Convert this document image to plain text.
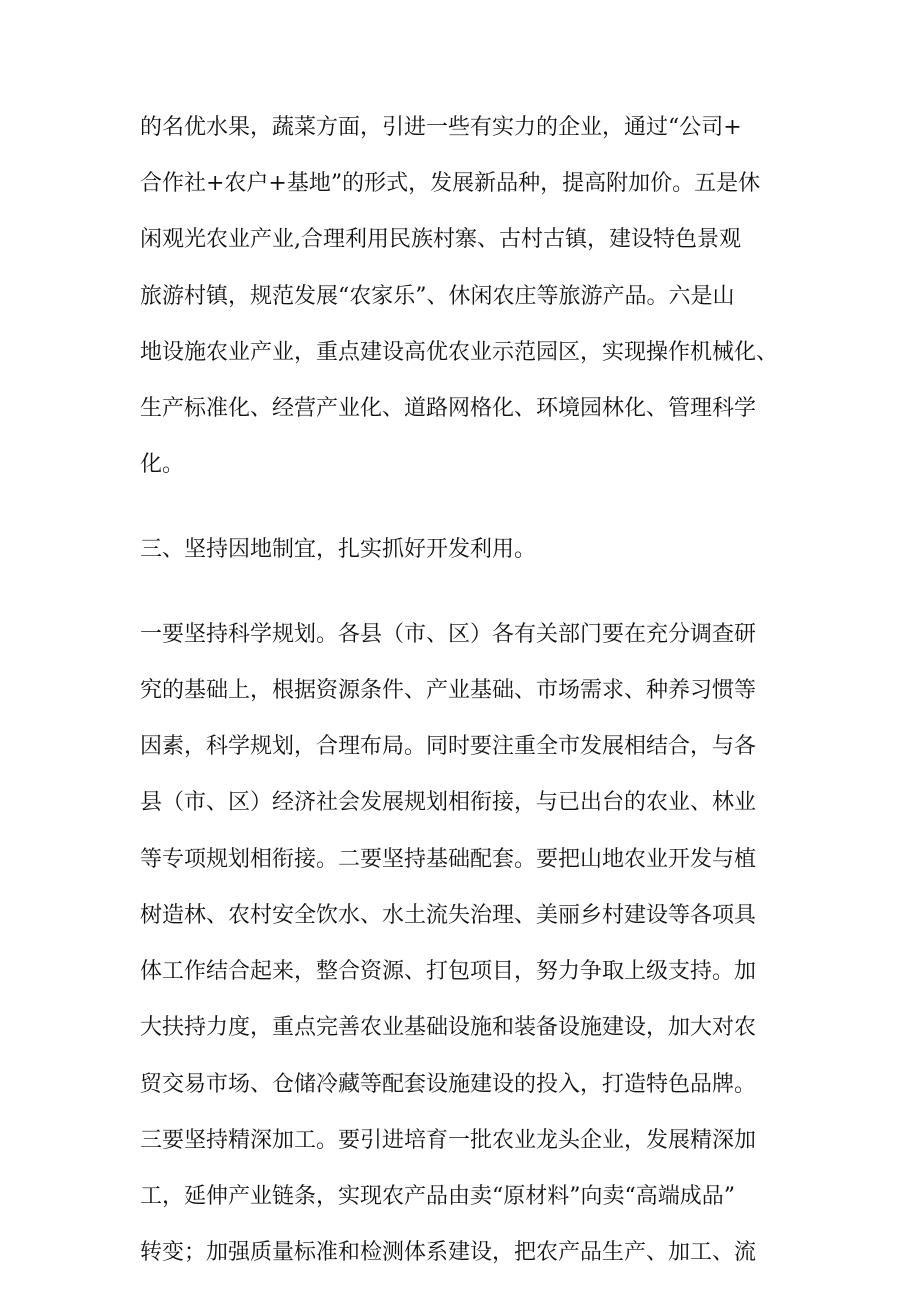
的名优水果，蔬菜方面，引进一些有实力的企业，通过“公司+

合作社+农户+基地”的形式，发展新品种，提高附加价。五是休

闲观光农业产业,合理利用民族村寨、古村古镇，建设特色景观

旅游村镇，规范发展“农家乐”、休闲农庄等旅游产品。六是山

地设施农业产业，重点建设高优农业示范园区，实现操作机械化、

生产标准化、经营产业化、道路网格化、环境园林化、管理科学

化。

三、坚持因地制宜，扎实抓好开发利用。

一要坚持科学规划。各县（市、区）各有关部门要在充分调查研

究的基础上，根据资源条件、产业基础、市场需求、种养习惯等

因素，科学规划，合理布局。同时要注重全市发展相结合，与各

县（市、区）经济社会发展规划相衔接，与已出台的农业、林业

等专项规划相衔接。二要坚持基础配套。要把山地农业开发与植

树造林、农村安全饮水、水土流失治理、美丽乡村建设等各项具

体工作结合起来，整合资源、打包项目，努力争取上级支持。加

大扶持力度，重点完善农业基础设施和装备设施建设，加大对农

贸交易市场、仓储冷藏等配套设施建设的投入，打造特色品牌。

三要坚持精深加工。要引进培育一批农业龙头企业，发展精深加

工，延伸产业链条，实现农产品由卖“原材料”向卖“高端成品”

转变；加强质量标准和检测体系建设，把农产品生产、加工、流
